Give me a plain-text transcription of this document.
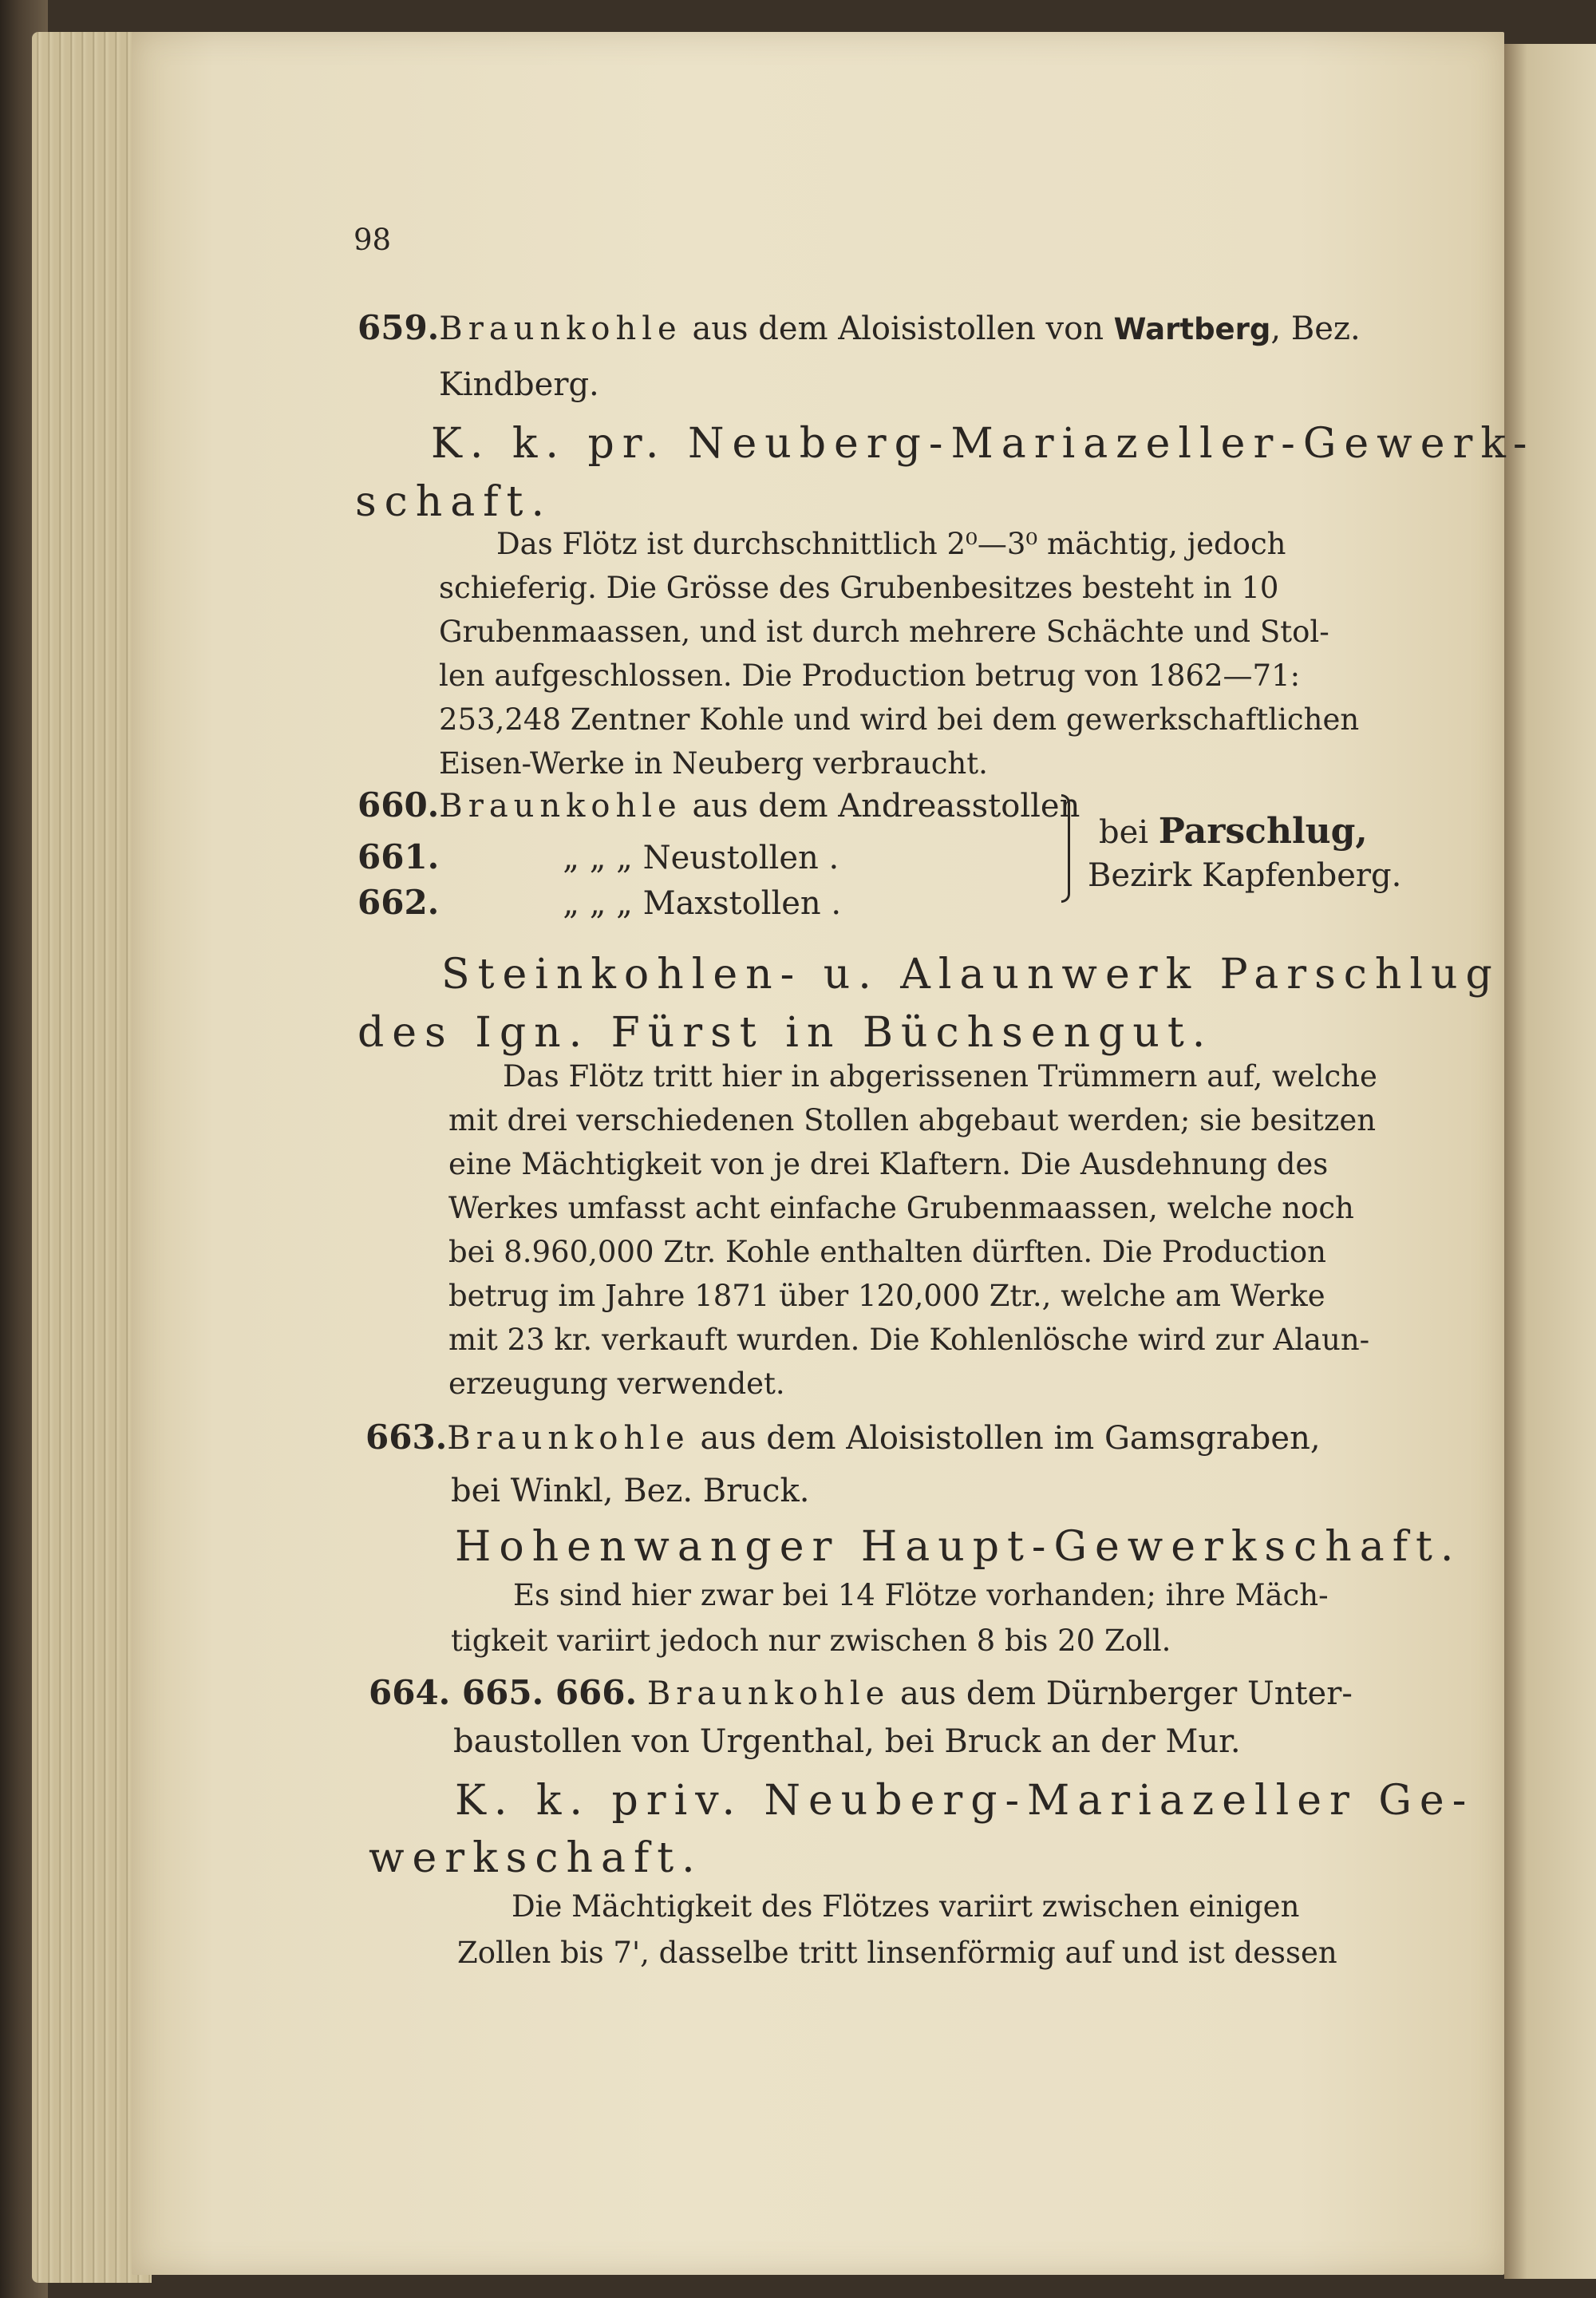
98
659.Braunkohle aus dem Aloisistollen von Wartberg, Bez.
Kindberg.
K. k. pr. Neuberg-Mariazeller-Gewerk-
schaft.
Das Flötz ist durchschnittlich 2⁰—3⁰ mächtig, jedoch
schieferig. Die Grösse des Grubenbesitzes besteht in 10
Grubenmaassen, und ist durch mehrere Schächte und Stol-
len aufgeschlossen. Die Production betrug von 1862—71:
253,248 Zentner Kohle und wird bei dem gewerkschaftlichen
Eisen-Werke in Neuberg verbraucht.
660.Braunkohle aus dem Andreasstollen
661.	„ „ „ Neustollen .
662.	„ „ „ Maxstollen .
bei Parschlug,
Bezirk Kapfenberg.
Steinkohlen- u. Alaunwerk Parschlug
des Ign. Fürst in Büchsengut.
Das Flötz tritt hier in abgerissenen Trümmern auf, welche
mit drei verschiedenen Stollen abgebaut werden; sie besitzen
eine Mächtigkeit von je drei Klaftern. Die Ausdehnung des
Werkes umfasst acht einfache Grubenmaassen, welche noch
bei 8.960,000 Ztr. Kohle enthalten dürften. Die Production
betrug im Jahre 1871 über 120,000 Ztr., welche am Werke
mit 23 kr. verkauft wurden. Die Kohlenlösche wird zur Alaun-
erzeugung verwendet.
663.Braunkohle aus dem Aloisistollen im Gamsgraben,
bei Winkl, Bez. Bruck.
Hohenwanger Haupt-Gewerkschaft.
Es sind hier zwar bei 14 Flötze vorhanden; ihre Mäch-
tigkeit variirt jedoch nur zwischen 8 bis 20 Zoll.
664. 665. 666. Braunkohle aus dem Dürnberger Unter-
baustollen von Urgenthal, bei Bruck an der Mur.
K. k. priv. Neuberg-Mariazeller Ge-
werkschaft.
Die Mächtigkeit des Flötzes variirt zwischen einigen
Zollen bis 7', dasselbe tritt linsenförmig auf und ist dessen
